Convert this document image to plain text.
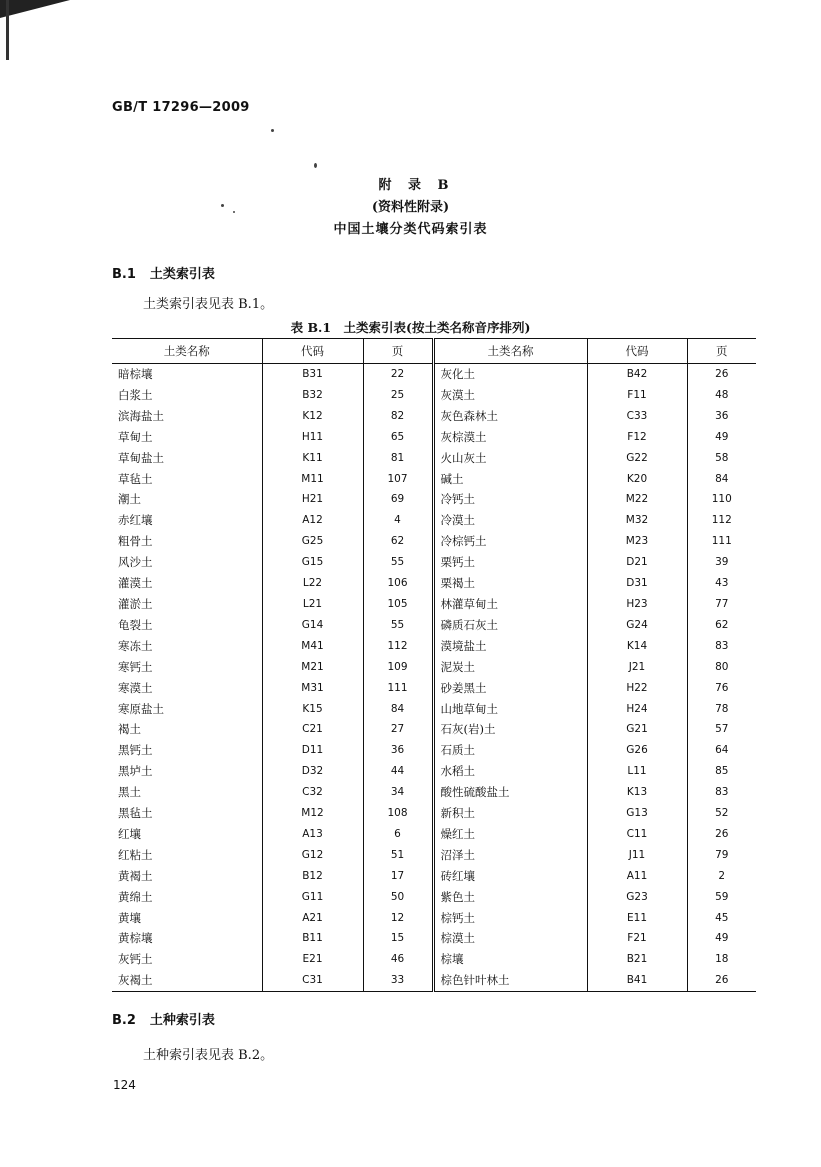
GB/T 17296—2009
附 录 B
(资料性附录)
中国土壤分类代码索引表
B.1 土类索引表
土类索引表见表 B.1。
表 B.1　土类索引表(按土类名称音序排列)
土类名称	代码	页	土类名称	代码	页
暗棕壤	B31	22	灰化土	B42	26
白浆土	B32	25	灰漠土	F11	48
滨海盐土	K12	82	灰色森林土	C33	36
草甸土	H11	65	灰棕漠土	F12	49
草甸盐土	K11	81	火山灰土	G22	58
草毡土	M11	107	碱土	K20	84
潮土	H21	69	冷钙土	M22	110
赤红壤	A12	4	冷漠土	M32	112
粗骨土	G25	62	冷棕钙土	M23	111
风沙土	G15	55	栗钙土	D21	39
灌漠土	L22	106	栗褐土	D31	43
灌淤土	L21	105	林灌草甸土	H23	77
龟裂土	G14	55	磷质石灰土	G24	62
寒冻土	M41	112	漠境盐土	K14	83
寒钙土	M21	109	泥炭土	J21	80
寒漠土	M31	111	砂姜黑土	H22	76
寒原盐土	K15	84	山地草甸土	H24	78
褐土	C21	27	石灰(岩)土	G21	57
黑钙土	D11	36	石质土	G26	64
黑垆土	D32	44	水稻土	L11	85
黑土	C32	34	酸性硫酸盐土	K13	83
黑毡土	M12	108	新积土	G13	52
红壤	A13	6	燥红土	C11	26
红粘土	G12	51	沼泽土	J11	79
黄褐土	B12	17	砖红壤	A11	2
黄绵土	G11	50	紫色土	G23	59
黄壤	A21	12	棕钙土	E11	45
黄棕壤	B11	15	棕漠土	F21	49
灰钙土	E21	46	棕壤	B21	18
灰褐土	C31	33	棕色针叶林土	B41	26
B.2 土种索引表
土种索引表见表 B.2。
124
